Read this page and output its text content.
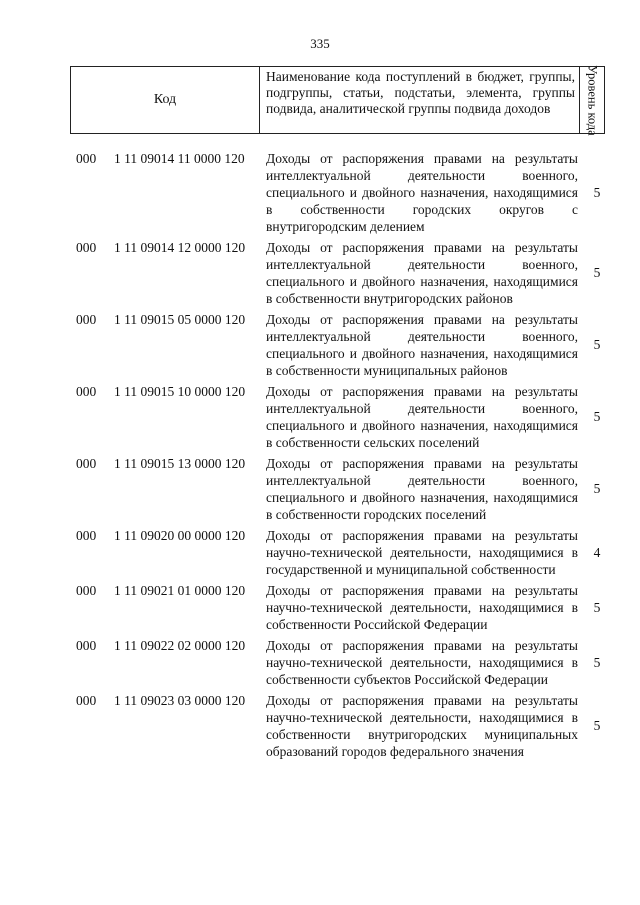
335
Код
Наименование кода поступлений в бюджет, группы, подгруппы, статьи, подстатьи, элемента, группы подвида, аналитической группы подвида доходов	Уровень кода
000 1 11 09014 11 0000 120 Доходы от распоряжения правами на результаты интеллектуальной деятельности военного, специального и двойного назначения, находящимися в собственности городских округов с внутригородским делением
5
000 1 11 09014 12 0000 120 Доходы от распоряжения правами на результаты интеллектуальной деятельности военного, специального и двойного назначения, находящимися в собственности внутригородских районов
5
000 1 11 09015 05 0000 120 Доходы от распоряжения правами на результаты интеллектуальной деятельности военного, специального и двойного назначения, находящимися в собственности муниципальных районов
5
000 1 11 09015 10 0000 120 Доходы от распоряжения правами на результаты интеллектуальной деятельности военного, специального и двойного назначения, находящимися в собственности сельских поселений
5
000 1 11 09015 13 0000 120 Доходы от распоряжения правами на результаты интеллектуальной деятельности военного, специального и двойного назначения, находящимися в собственности городских поселений
5
000 1 11 09020 00 0000 120 Доходы от распоряжения правами на результаты научно-технической деятельности, находящимися в государственной и муниципальной собственности
4
000 1 11 09021 01 0000 120 Доходы от распоряжения правами на результаты научно-технической деятельности, находящимися в собственности Российской Федерации
5
000 1 11 09022 02 0000 120 Доходы от распоряжения правами на результаты научно-технической деятельности, находящимися в собственности субъектов Российской Федерации
5
000 1 11 09023 03 0000 120 Доходы от распоряжения правами на результаты научно-технической деятельности, находящимися в собственности внутригородских муниципальных образований городов федерального значения
5
